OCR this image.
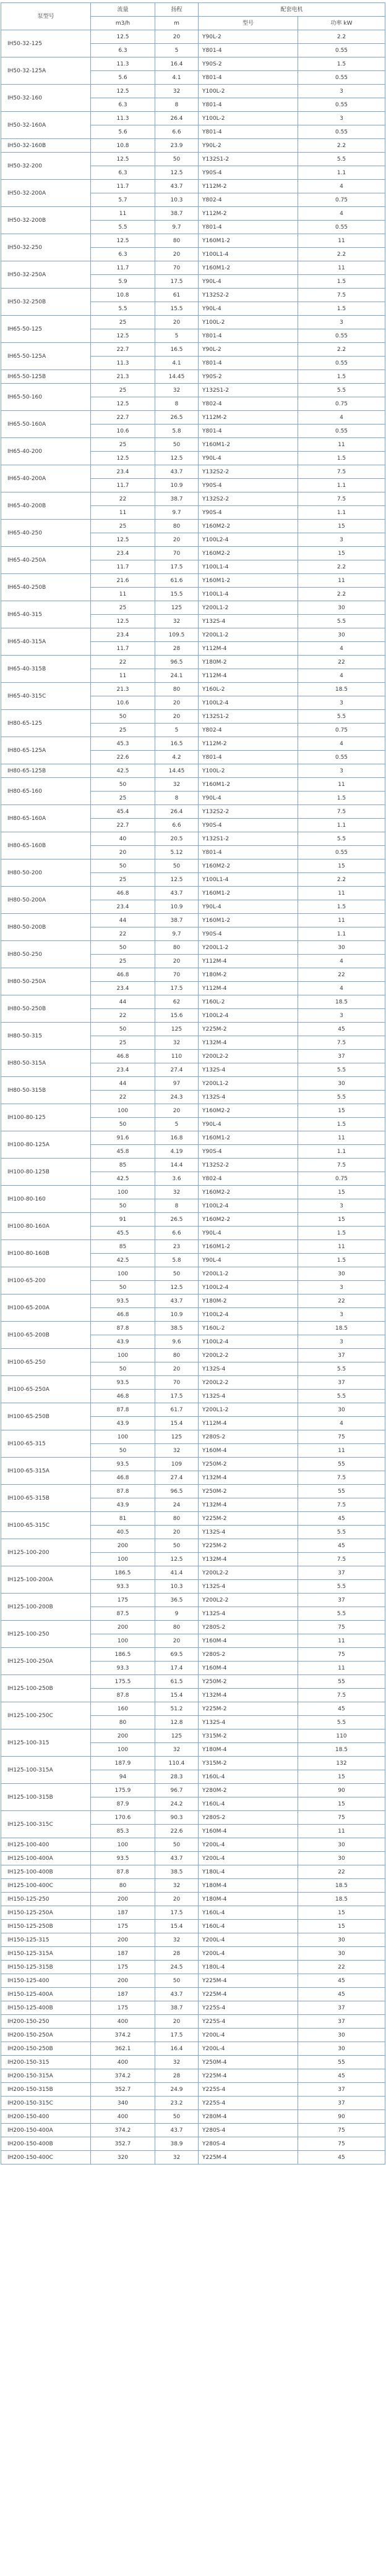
泵型号	流量	扬程	配套电机	
	m3/h	m	型号	功率 kW
IH50-32-125	12.5	20	Y90L-2	2.2
	6.3	5	Y801-4	0.55
IH50-32-125A	11.3	16.4	Y90S-2	1.5
	5.6	4.1	Y801-4	0.55
IH50-32-160	12.5	32	Y100L-2	3
	6.3	8	Y801-4	0.55
IH50-32-160A	11.3	26.4	Y100L-2	3
	5.6	6.6	Y801-4	0.55
IH50-32-160B	10.8	23.9	Y90L-2	2.2
IH50-32-200	12.5	50	Y132S1-2	5.5
	6.3	12.5	Y90S-4	1.1
IH50-32-200A	11.7	43.7	Y112M-2	4
	5.7	10.3	Y802-4	0.75
IH50-32-200B	11	38.7	Y112M-2	4
	5.5	9.7	Y801-4	0.55
IH50-32-250	12.5	80	Y160M1-2	11
	6.3	20	Y100L1-4	2.2
IH50-32-250A	11.7	70	Y160M1-2	11
	5.9	17.5	Y90L-4	1.5
IH50-32-250B	10.8	61	Y132S2-2	7.5
	5.5	15.5	Y90L-4	1.5
IH65-50-125	25	20	Y100L-2	3
	12.5	5	Y801-4	0.55
IH65-50-125A	22.7	16.5	Y90L-2	2.2
	11.3	4.1	Y801-4	0.55
IH65-50-125B	21.3	14.45	Y90S-2	1.5
IH65-50-160	25	32	Y132S1-2	5.5
	12.5	8	Y802-4	0.75
IH65-50-160A	22.7	26.5	Y112M-2	4
	10.6	5.8	Y801-4	0.55
IH65-40-200	25	50	Y160M1-2	11
	12.5	12.5	Y90L-4	1.5
IH65-40-200A	23.4	43.7	Y132S2-2	7.5
	11.7	10.9	Y90S-4	1.1
IH65-40-200B	22	38.7	Y132S2-2	7.5
	11	9.7	Y90S-4	1.1
IH65-40-250	25	80	Y160M2-2	15
	12.5	20	Y100L2-4	3
IH65-40-250A	23.4	70	Y160M2-2	15
	11.7	17.5	Y100L1-4	2.2
IH65-40-250B	21.6	61.6	Y160M1-2	11
	11	15.5	Y100L1-4	2.2
IH65-40-315	25	125	Y200L1-2	30
	12.5	32	Y132S-4	5.5
IH65-40-315A	23.4	109.5	Y200L1-2	30
	11.7	28	Y112M-4	4
IH65-40-315B	22	96.5	Y180M-2	22
	11	24.1	Y112M-4	4
IH65-40-315C	21.3	80	Y160L-2	18.5
	10.6	20	Y100L2-4	3
IH80-65-125	50	20	Y132S1-2	5.5
	25	5	Y802-4	0.75
IH80-65-125A	45.3	16.5	Y112M-2	4
	22.6	4.2	Y801-4	0.55
IH80-65-125B	42.5	14.45	Y100L-2	3
IH80-65-160	50	32	Y160M1-2	11
	25	8	Y90L-4	1.5
IH80-65-160A	45.4	26.4	Y132S2-2	7.5
	22.7	6.6	Y90S-4	1.1
IH80-65-160B	40	20.5	Y132S1-2	5.5
	20	5.12	Y801-4	0.55
IH80-50-200	50	50	Y160M2-2	15
	25	12.5	Y100L1-4	2.2
IH80-50-200A	46.8	43.7	Y160M1-2	11
	23.4	10.9	Y90L-4	1.5
IH80-50-200B	44	38.7	Y160M1-2	11
	22	9.7	Y90S-4	1.1
IH80-50-250	50	80	Y200L1-2	30
	25	20	Y112M-4	4
IH80-50-250A	46.8	70	Y180M-2	22
	23.4	17.5	Y112M-4	4
IH80-50-250B	44	62	Y160L-2	18.5
	22	15.6	Y100L2-4	3
IH80-50-315	50	125	Y225M-2	45
	25	32	Y132M-4	7.5
IH80-50-315A	46.8	110	Y200L2-2	37
	23.4	27.4	Y132S-4	5.5
IH80-50-315B	44	97	Y200L1-2	30
	22	24.3	Y132S-4	5.5
IH100-80-125	100	20	Y160M2-2	15
	50	5	Y90L-4	1.5
IH100-80-125A	91.6	16.8	Y160M1-2	11
	45.8	4.19	Y90S-4	1.1
IH100-80-125B	85	14.4	Y132S2-2	7.5
	42.5	3.6	Y802-4	0.75
IH100-80-160	100	32	Y160M2-2	15
	50	8	Y100L2-4	3
IH100-80-160A	91	26.5	Y160M2-2	15
	45.5	6.6	Y90L-4	1.5
IH100-80-160B	85	23	Y160M1-2	11
	42.5	5.8	Y90L-4	1.5
IH100-65-200	100	50	Y200L1-2	30
	50	12.5	Y100L2-4	3
IH100-65-200A	93.5	43.7	Y180M-2	22
	46.8	10.9	Y100L2-4	3
IH100-65-200B	87.8	38.5	Y160L-2	18.5
	43.9	9.6	Y100L2-4	3
IH100-65-250	100	80	Y200L2-2	37
	50	20	Y132S-4	5.5
IH100-65-250A	93.5	70	Y200L2-2	37
	46.8	17.5	Y132S-4	5.5
IH100-65-250B	87.8	61.7	Y200L1-2	30
	43.9	15.4	Y112M-4	4
IH100-65-315	100	125	Y280S-2	75
	50	32	Y160M-4	11
IH100-65-315A	93.5	109	Y250M-2	55
	46.8	27.4	Y132M-4	7.5
IH100-65-315B	87.8	96.5	Y250M-2	55
	43.9	24	Y132M-4	7.5
IH100-65-315C	81	80	Y225M-2	45
	40.5	20	Y132S-4	5.5
IH125-100-200	200	50	Y225M-2	45
	100	12.5	Y132M-4	7.5
IH125-100-200A	186.5	41.4	Y200L2-2	37
	93.3	10.3	Y132S-4	5.5
IH125-100-200B	175	36.5	Y200L2-2	37
	87.5	9	Y132S-4	5.5
IH125-100-250	200	80	Y280S-2	75
	100	20	Y160M-4	11
IH125-100-250A	186.5	69.5	Y280S-2	75
	93.3	17.4	Y160M-4	11
IH125-100-250B	175.5	61.5	Y250M-2	55
	87.8	15.4	Y132M-4	7.5
IH125-100-250C	160	51.2	Y225M-2	45
	80	12.8	Y132S-4	5.5
IH125-100-315	200	125	Y315M-2	110
	100	32	Y180M-4	18.5
IH125-100-315A	187.9	110.4	Y315M-2	132
	94	28.3	Y160L-4	15
IH125-100-315B	175.9	96.7	Y280M-2	90
	87.9	24.2	Y160L-4	15
IH125-100-315C	170.6	90.3	Y280S-2	75
	85.3	22.6	Y160M-4	11
IH125-100-400	100	50	Y200L-4	30
IH125-100-400A	93.5	43.7	Y200L-4	30
IH125-100-400B	87.8	38.5	Y180L-4	22
IH125-100-400C	80	32	Y180M-4	18.5
IH150-125-250	200	20	Y180M-4	18.5
IH150-125-250A	187	17.5	Y160L-4	15
IH150-125-250B	175	15.4	Y160L-4	15
IH150-125-315	200	32	Y200L-4	30
IH150-125-315A	187	28	Y200L-4	30
IH150-125-315B	175	24.5	Y180L-4	22
IH150-125-400	200	50	Y225M-4	45
IH150-125-400A	187	43.7	Y225M-4	45
IH150-125-400B	175	38.7	Y225S-4	37
IH200-150-250	400	20	Y225S-4	37
IH200-150-250A	374.2	17.5	Y200L-4	30
IH200-150-250B	362.1	16.4	Y200L-4	30
IH200-150-315	400	32	Y250M-4	55
IH200-150-315A	374.2	28	Y225M-4	45
IH200-150-315B	352.7	24.9	Y225S-4	37
IH200-150-315C	340	23.2	Y225S-4	37
IH200-150-400	400	50	Y280M-4	90
IH200-150-400A	374.2	43.7	Y280S-4	75
IH200-150-400B	352.7	38.9	Y280S-4	75
IH200-150-400C	320	32	Y225M-4	45
